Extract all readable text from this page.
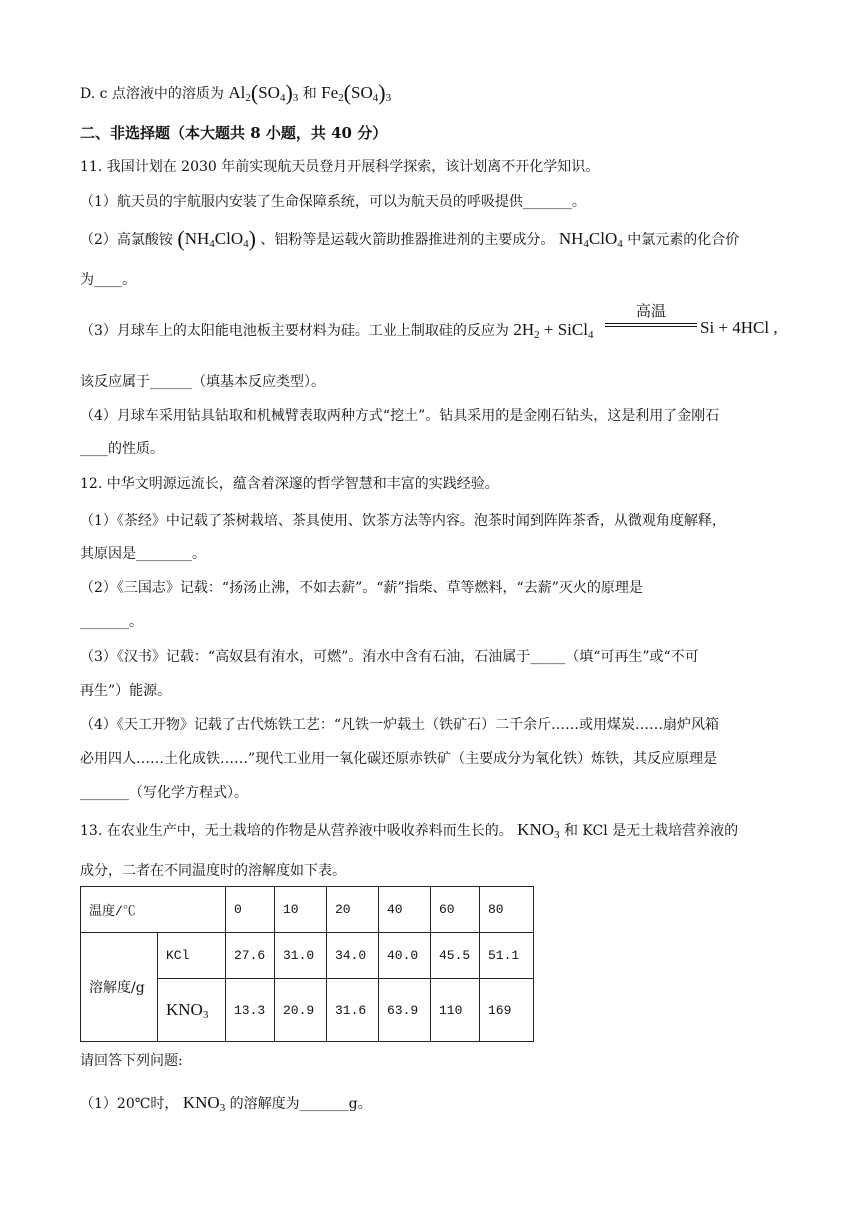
D. c 点溶液中的溶质为 $Al_2(SO_4)_3$ 和 $Fe_2(SO_4)_3$
二、非选择题（本大题共 8 小题，共 40 分）
11. 我国计划在 2030 年前实现航天员登月开展科学探索，该计划离不开化学知识。
（1）航天员的宇航服内安装了生命保障系统，可以为航天员的呼吸提供_______。
（2）高氯酸铵 $(NH_4ClO_4)$ 、铝粉等是运载火箭助推器推进剂的主要成分。 $NH_4ClO_4$ 中氯元素的化合价
为____。
（3）月球车上的太阳能电池板主要材料为硅。工业上制取硅的反应为 $2H_2$ + SiCl$_4$
高温
Si + 4HCl ,
该反应属于______（填基本反应类型）。
（4）月球车采用钻具钻取和机械臂表取两种方式“挖土”。钻具采用的是金刚石钻头，这是利用了金刚石
____的性质。
12. 中华文明源远流长，蕴含着深邃的哲学智慧和丰富的实践经验。
（1）《茶经》中记载了茶树栽培、茶具使用、饮茶方法等内容。泡茶时闻到阵阵茶香，从微观角度解释，
其原因是________。
（2）《三国志》记载：“扬汤止沸，不如去薪”。“薪”指柴、草等燃料，“去薪”灭火的原理是
_______。
（3）《汉书》记载：“高奴县有洧水，可燃”。洧水中含有石油，石油属于_____（填“可再生”或“不可
再生”）能源。
（4）《天工开物》记载了古代炼铁工艺：“凡铁一炉载土（铁矿石）二千余斤……或用煤炭……扇炉风箱
必用四人……土化成铁……”现代工业用一氧化碳还原赤铁矿（主要成分为氧化铁）炼铁，其反应原理是
_______（写化学方程式）。
13. 在农业生产中，无土栽培的作物是从营养液中吸收养料而生长的。 $KNO_3$ 和 KCl 是无土栽培营养液的
成分，二者在不同温度时的溶解度如下表。
温度/℃		0	10	20	40	60	80
溶解度/g	KCl	27.6	31.0	34.0	40.0	45.5	51.1
	$KNO_3$	13.3	20.9	31.6	63.9	110	169
请回答下列问题:
（1）20℃时， $KNO_3$ 的溶解度为_______g。
